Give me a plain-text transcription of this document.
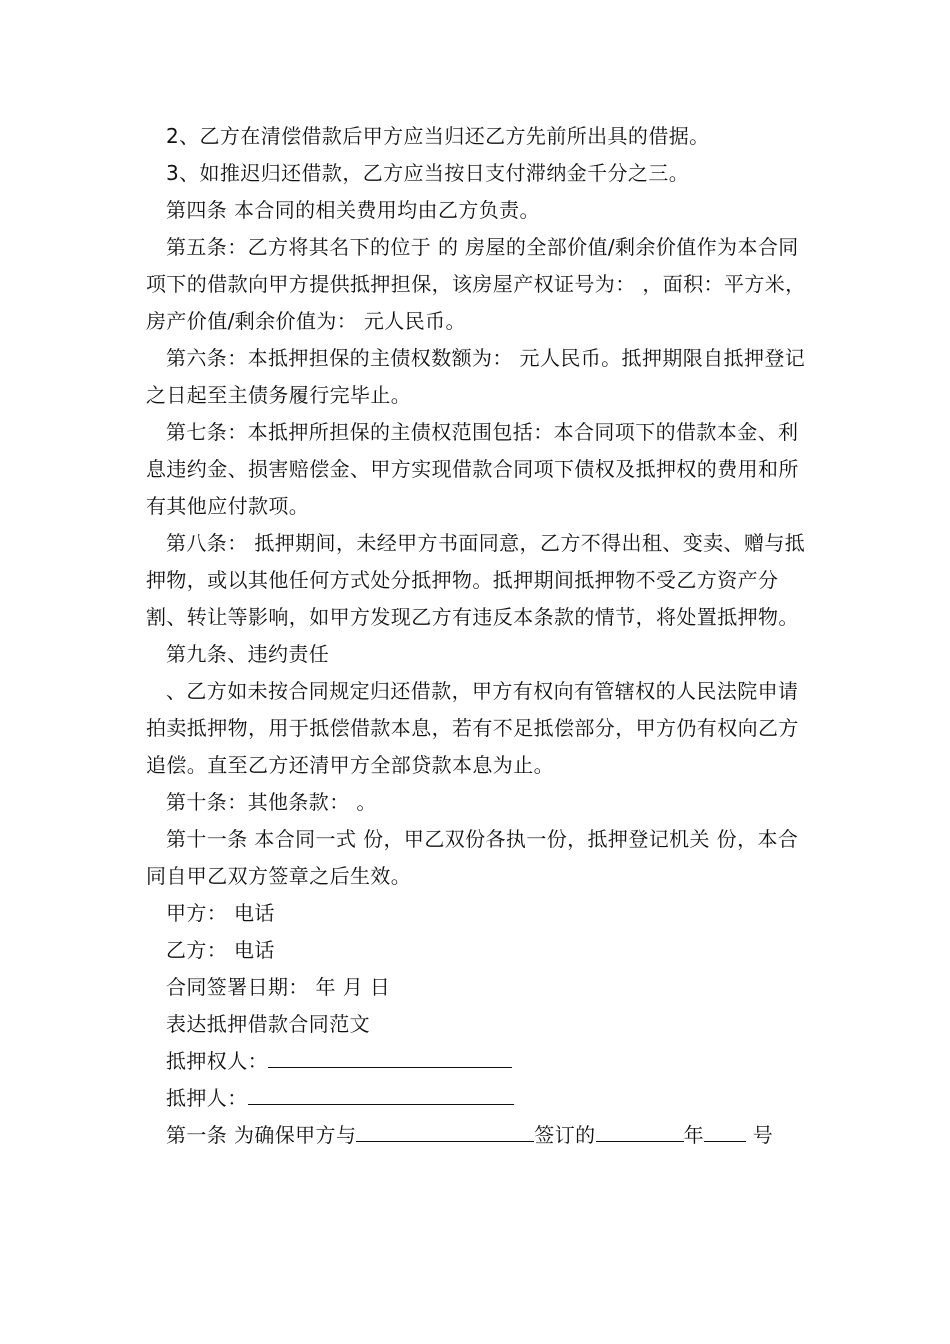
2、乙方在清偿借款后甲方应当归还乙方先前所出具的借据。

3、如推迟归还借款，乙方应当按日支付滞纳金千分之三。

第四条 本合同的相关费用均由乙方负责。

第五条：乙方将其名下的位于 的 房屋的全部价值/剩余价值作为本合同项下的借款向甲方提供抵押担保，该房屋产权证号为： ，面积：平方米，房产价值/剩余价值为： 元人民币。

第六条：本抵押担保的主债权数额为： 元人民币。抵押期限自抵押登记之日起至主债务履行完毕止。

第七条：本抵押所担保的主债权范围包括：本合同项下的借款本金、利息违约金、损害赔偿金、甲方实现借款合同项下债权及抵押权的费用和所有其他应付款项。

第八条： 抵押期间，未经甲方书面同意，乙方不得出租、变卖、赠与抵押物，或以其他任何方式处分抵押物。抵押期间抵押物不受乙方资产分割、转让等影响，如甲方发现乙方有违反本条款的情节，将处置抵押物。

第九条、违约责任

、乙方如未按合同规定归还借款，甲方有权向有管辖权的人民法院申请拍卖抵押物，用于抵偿借款本息，若有不足抵偿部分，甲方仍有权向乙方追偿。直至乙方还清甲方全部贷款本息为止。

第十条：其他条款： 。

第十一条 本合同一式 份，甲乙双份各执一份，抵押登记机关 份，本合同自甲乙双方签章之后生效。

甲方： 电话

乙方： 电话

合同签署日期： 年 月 日

表达抵押借款合同范文

抵押权人：

抵押人：

第一条 为确保甲方与	签订的	年 号
